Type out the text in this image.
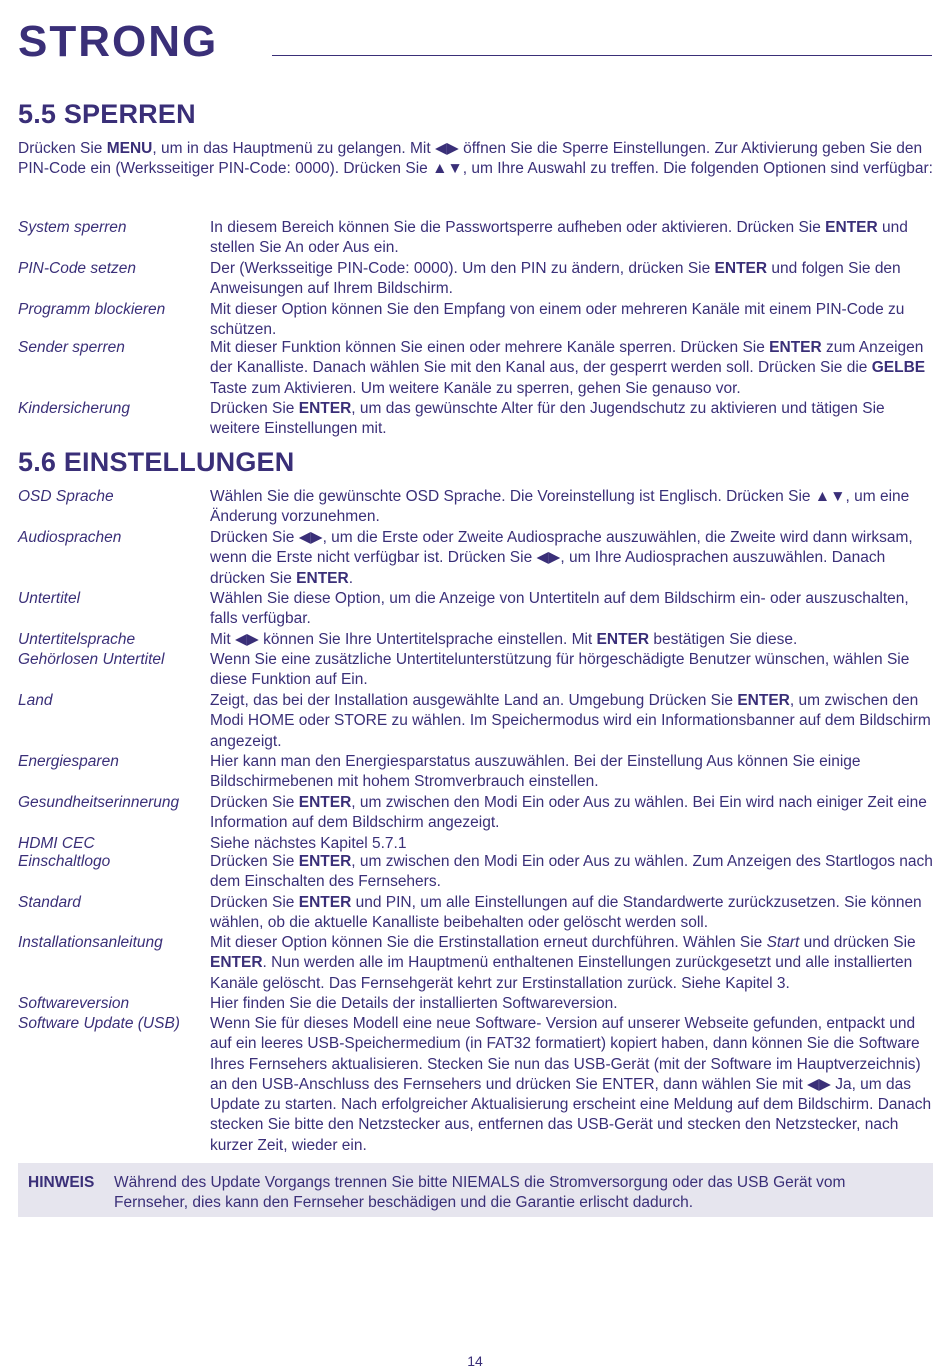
STRONG
5.5 SPERREN

Drücken Sie MENU, um in das Hauptmenü zu gelangen. Mit ◀▶ öffnen Sie die Sperre Einstellungen. Zur Aktivierung geben Sie den PIN-Code ein (Werksseitiger PIN-Code: 0000). Drücken Sie ▲▼, um Ihre Auswahl zu treffen. Die folgenden Optionen sind verfügbar:

System sperren	In diesem Bereich können Sie die Passwortsperre aufheben oder aktivieren. Drücken Sie ENTER und stellen Sie An oder Aus ein.
PIN-Code setzen	Der (Werksseitige PIN-Code: 0000). Um den PIN zu ändern, drücken Sie ENTER und folgen Sie den Anweisungen auf Ihrem Bildschirm.
Programm blockieren	Mit dieser Option können Sie den Empfang von einem oder mehreren Kanäle mit einem PIN-Code zu schützen.
Sender sperren	Mit dieser Funktion können Sie einen oder mehrere Kanäle sperren. Drücken Sie ENTER zum Anzeigen der Kanalliste. Danach wählen Sie mit den Kanal aus, der gesperrt werden soll. Drücken Sie die GELBE Taste zum Aktivieren. Um weitere Kanäle zu sperren, gehen Sie genauso vor.
Kindersicherung	Drücken Sie ENTER, um das gewünschte Alter für den Jugendschutz zu aktivieren und tätigen Sie weitere Einstellungen mit.
5.6 EINSTELLUNGEN
OSD Sprache	Wählen Sie die gewünschte OSD Sprache. Die Voreinstellung ist Englisch. Drücken Sie ▲▼, um eine Änderung vorzunehmen.
Audiosprachen	Drücken Sie ◀▶, um die Erste oder Zweite Audiosprache auszuwählen, die Zweite wird dann wirksam, wenn die Erste nicht verfügbar ist. Drücken Sie ◀▶, um Ihre Audiosprachen auszuwählen. Danach drücken Sie ENTER.
Untertitel	Wählen Sie diese Option, um die Anzeige von Untertiteln auf dem Bildschirm ein- oder auszuschalten, falls verfügbar.
Untertitelsprache	Mit ◀▶ können Sie Ihre Untertitelsprache einstellen. Mit ENTER bestätigen Sie diese.
Gehörlosen Untertitel	Wenn Sie eine zusätzliche Untertitelunterstützung für hörgeschädigte Benutzer wünschen, wählen Sie diese Funktion auf Ein.
Land	Zeigt, das bei der Installation ausgewählte Land an. Umgebung Drücken Sie ENTER, um zwischen den Modi HOME oder STORE zu wählen. Im Speichermodus wird ein Informationsbanner auf dem Bildschirm angezeigt.
Energiesparen	Hier kann man den Energiesparstatus auszuwählen. Bei der Einstellung Aus können Sie einige Bildschirmebenen mit hohem Stromverbrauch einstellen.
Gesundheitserinnerung	Drücken Sie ENTER, um zwischen den Modi Ein oder Aus zu wählen. Bei Ein wird nach einiger Zeit eine Information auf dem Bildschirm angezeigt.
HDMI CEC	Siehe nächstes Kapitel 5.7.1
Einschaltlogo	Drücken Sie ENTER, um zwischen den Modi Ein oder Aus zu wählen. Zum Anzeigen des Startlogos nach dem Einschalten des Fernsehers.
Standard	Drücken Sie ENTER und PIN, um alle Einstellungen auf die Standardwerte zurückzusetzen. Sie können wählen, ob die aktuelle Kanalliste beibehalten oder gelöscht werden soll.
Installationsanleitung	Mit dieser Option können Sie die Erstinstallation erneut durchführen. Wählen Sie Start und drücken Sie ENTER. Nun werden alle im Hauptmenü enthaltenen Einstellungen zurückgesetzt und alle installierten Kanäle gelöscht. Das Fernsehgerät kehrt zur Erstinstallation zurück. Siehe Kapitel 3.
Softwareversion	Hier finden Sie die Details der installierten Softwareversion.
Software Update (USB)	Wenn Sie für dieses Modell eine neue Software- Version auf unserer Webseite gefunden, entpackt und auf ein leeres USB-Speichermedium (in FAT32 formatiert) kopiert haben, dann können Sie die Software Ihres Fernsehers aktualisieren. Stecken Sie nun das USB-Gerät (mit der Software im Hauptverzeichnis) an den USB-Anschluss des Fernsehers und drücken Sie ENTER, dann wählen Sie mit ◀▶ Ja, um das Update zu starten. Nach erfolgreicher Aktualisierung erscheint eine Meldung auf dem Bildschirm. Danach stecken Sie bitte den Netzstecker aus, entfernen das USB-Gerät und stecken den Netzstecker, nach kurzer Zeit, wieder ein.
HINWEIS Während des Update Vorgangs trennen Sie bitte NIEMALS die Stromversorgung oder das USB Gerät vom Fernseher, dies kann den Fernseher beschädigen und die Garantie erlischt dadurch.
14
